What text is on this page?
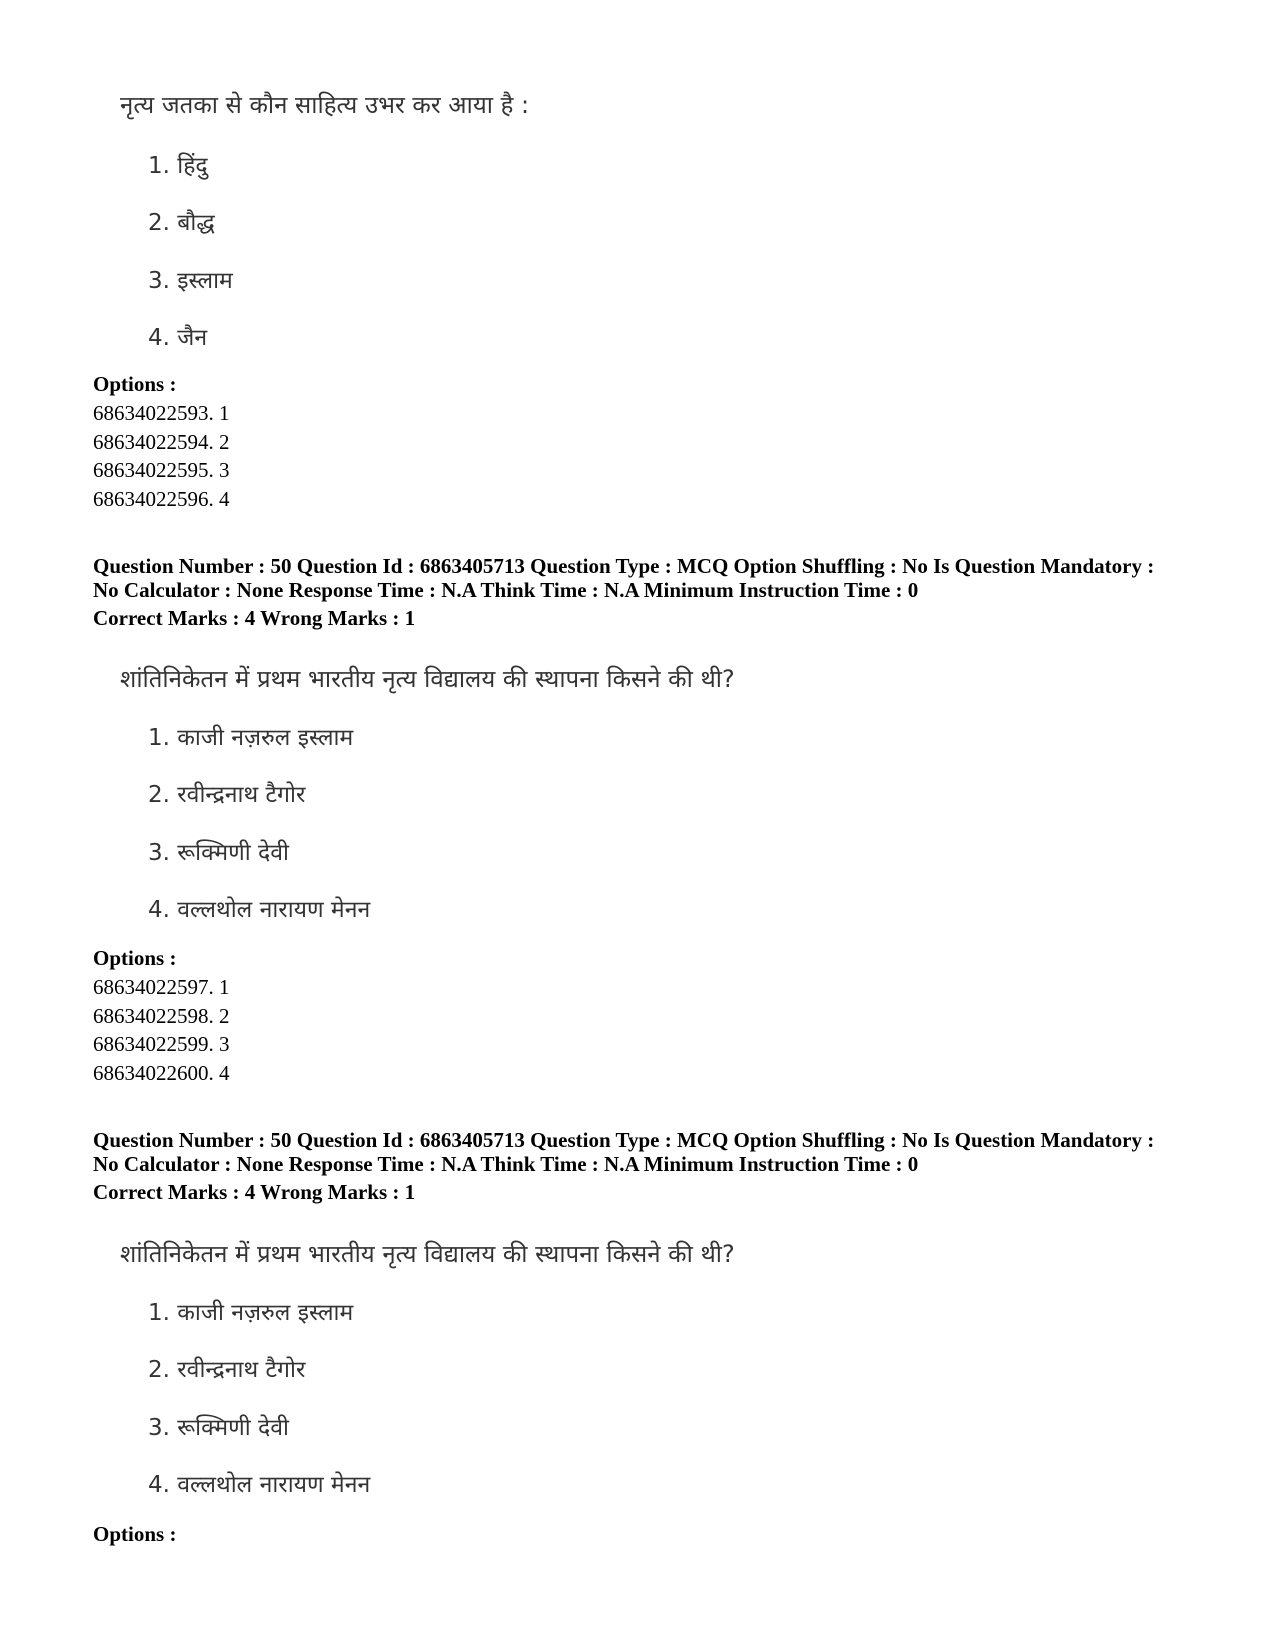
नृत्य जतका से कौन साहित्य उभर कर आया है :
1. हिंदु
2. बौद्ध
3. इस्लाम
4. जैन
Options :
68634022593. 1
68634022594. 2
68634022595. 3
68634022596. 4
Question Number : 50 Question Id : 6863405713 Question Type : MCQ Option Shuffling : No Is Question Mandatory :
No Calculator : None Response Time : N.A Think Time : N.A Minimum Instruction Time : 0
Correct Marks : 4 Wrong Marks : 1
शांतिनिकेतन में प्रथम भारतीय नृत्य विद्यालय की स्थापना किसने की थी?
1. काजी नज़रुल इस्लाम
2. रवीन्द्रनाथ टैगोर
3. रूक्मिणी देवी
4. वल्लथोल नारायण मेनन
Options :
68634022597. 1
68634022598. 2
68634022599. 3
68634022600. 4
Question Number : 50 Question Id : 6863405713 Question Type : MCQ Option Shuffling : No Is Question Mandatory :
No Calculator : None Response Time : N.A Think Time : N.A Minimum Instruction Time : 0
Correct Marks : 4 Wrong Marks : 1
शांतिनिकेतन में प्रथम भारतीय नृत्य विद्यालय की स्थापना किसने की थी?
1. काजी नज़रुल इस्लाम
2. रवीन्द्रनाथ टैगोर
3. रूक्मिणी देवी
4. वल्लथोल नारायण मेनन
Options :
